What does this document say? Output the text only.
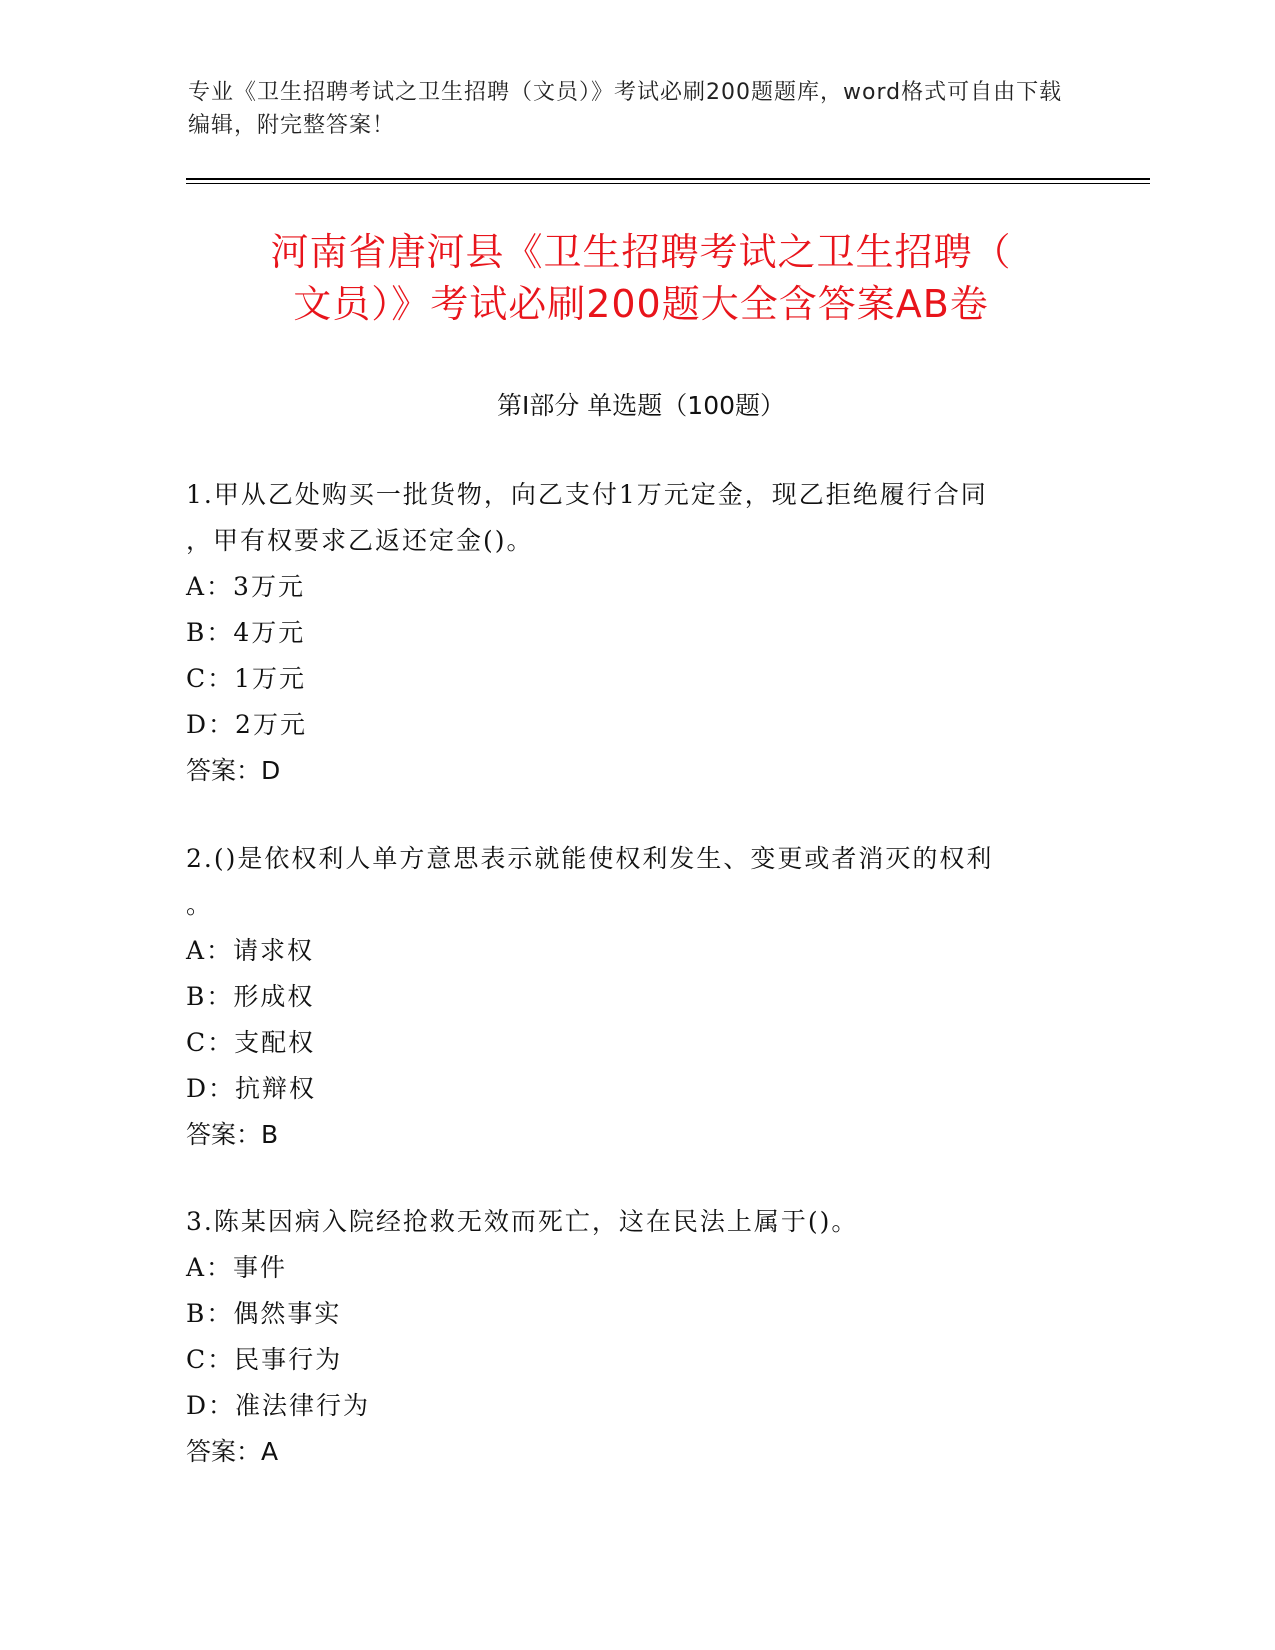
专业《卫生招聘考试之卫生招聘（文员）》考试必刷200题题库，word格式可自由下载编辑，附完整答案！
河南省唐河县《卫生招聘考试之卫生招聘（
文员）》考试必刷200题大全含答案AB卷
第I部分 单选题（100题）

1.甲从乙处购买一批货物，向乙支付1万元定金，现乙拒绝履行合同

，甲有权要求乙返还定金()。

A：3万元

B：4万元

C：1万元

D：2万元

答案：D

2.()是依权利人单方意思表示就能使权利发生、变更或者消灭的权利

。

A：请求权

B：形成权

C：支配权

D：抗辩权

答案：B

3.陈某因病入院经抢救无效而死亡，这在民法上属于()。

A：事件

B：偶然事实

C：民事行为

D：准法律行为

答案：A
